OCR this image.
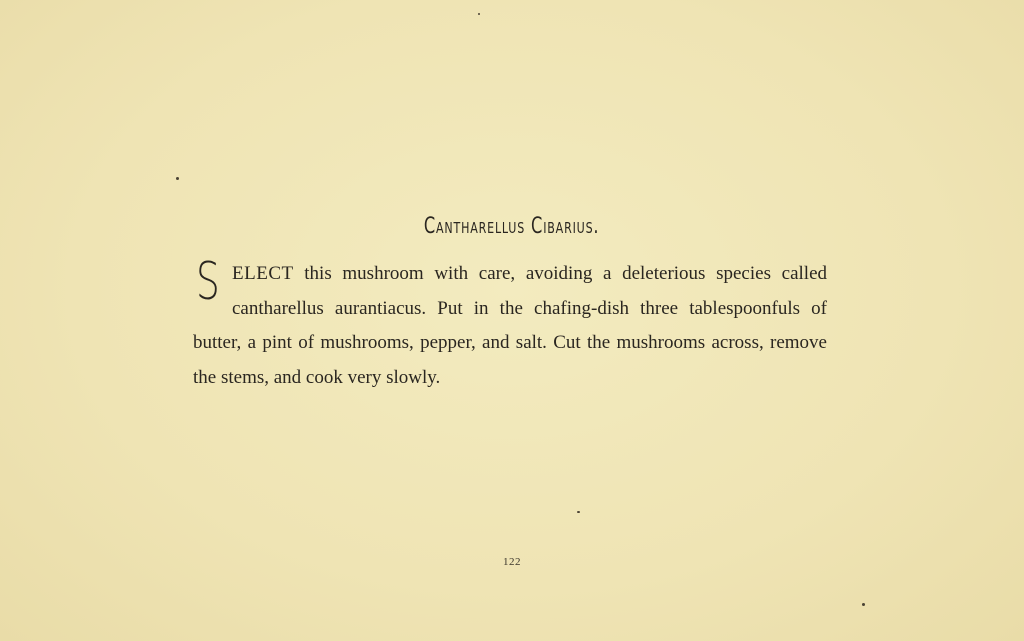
Cantharellus Cibarius.
SELECT this mushroom with care, avoiding a deleterious species called cantharellus aurantiacus. Put in the chafing-dish three tablespoonfuls of butter, a pint of mushrooms, pepper, and salt. Cut the mushrooms across, remove the stems, and cook very slowly.
122
